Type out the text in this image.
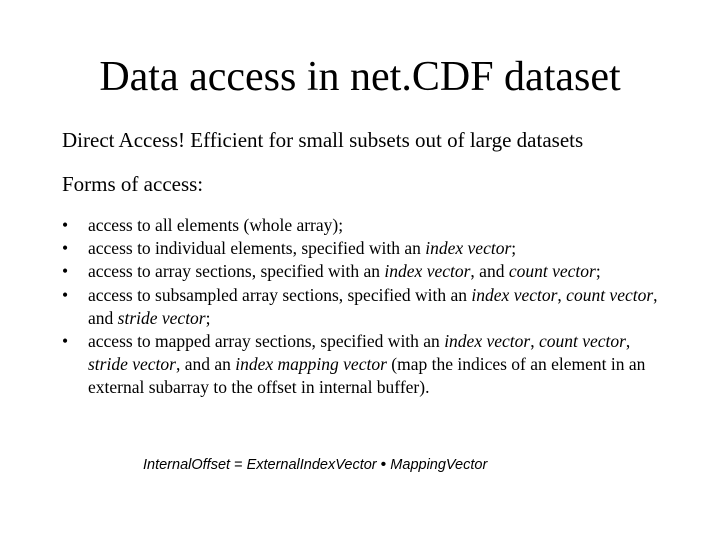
Data access in net.CDF dataset
Direct Access! Efficient for small subsets out of large datasets
Forms of access:
• access to all elements (whole array);
• access to individual elements, specified with an index vector;
• access to array sections, specified with an index vector, and count vector;
• access to subsampled array sections, specified with an index vector, count vector, and stride vector;
• access to mapped array sections, specified with an index vector, count vector, stride vector, and an index mapping vector (map the indices of an element in an external subarray to the offset in internal buffer).
InternalOffset = ExternalIndexVector • MappingVector
